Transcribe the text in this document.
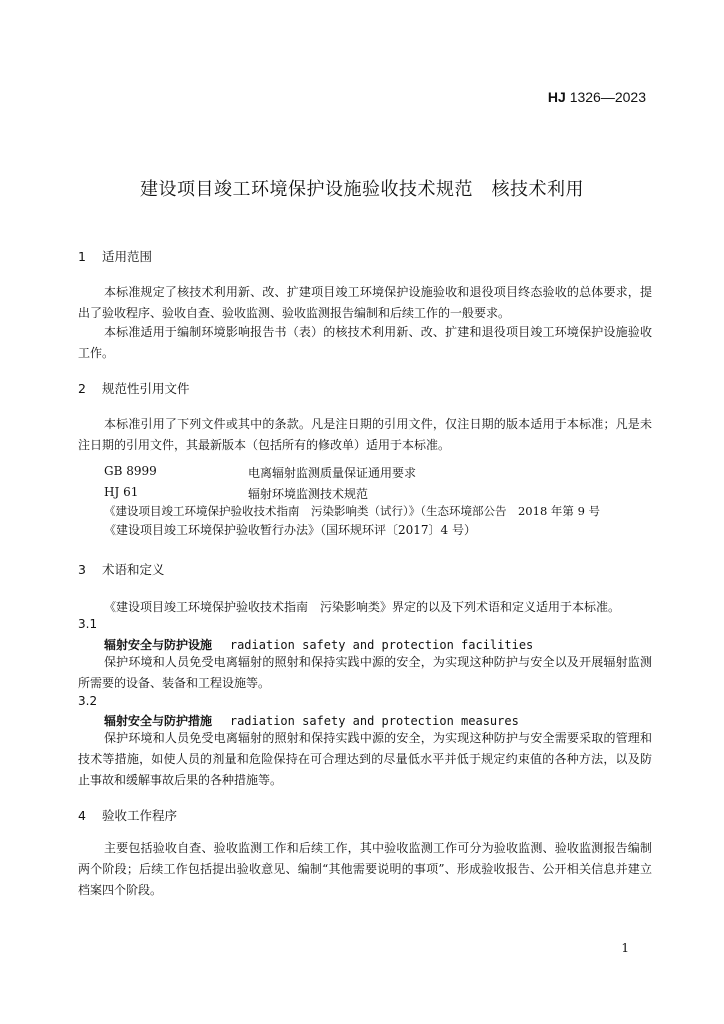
HJ 1326—2023
建设项目竣工环境保护设施验收技术规范　核技术利用
1 适用范围
本标准规定了核技术利用新、改、扩建项目竣工环境保护设施验收和退役项目终态验收的总体要求，提出了验收程序、验收自查、验收监测、验收监测报告编制和后续工作的一般要求。
本标准适用于编制环境影响报告书（表）的核技术利用新、改、扩建和退役项目竣工环境保护设施验收工作。
2 规范性引用文件
本标准引用了下列文件或其中的条款。凡是注日期的引用文件，仅注日期的版本适用于本标准；凡是未注日期的引用文件，其最新版本（包括所有的修改单）适用于本标准。
GB 8999	电离辐射监测质量保证通用要求
HJ 61	辐射环境监测技术规范
《建设项目竣工环境保护验收技术指南　污染影响类（试行）》（生态环境部公告　2018 年第 9 号
《建设项目竣工环境保护验收暂行办法》（国环规环评〔2017〕4 号）
3 术语和定义
《建设项目竣工环境保护验收技术指南　污染影响类》界定的以及下列术语和定义适用于本标准。
3.1
辐射安全与防护设施 radiation safety and protection facilities
保护环境和人员免受电离辐射的照射和保持实践中源的安全，为实现这种防护与安全以及开展辐射监测所需要的设备、装备和工程设施等。
3.2
辐射安全与防护措施 radiation safety and protection measures
保护环境和人员免受电离辐射的照射和保持实践中源的安全，为实现这种防护与安全需要采取的管理和技术等措施，如使人员的剂量和危险保持在可合理达到的尽量低水平并低于规定约束值的各种方法，以及防止事故和缓解事故后果的各种措施等。
4 验收工作程序
主要包括验收自查、验收监测工作和后续工作，其中验收监测工作可分为验收监测、验收监测报告编制两个阶段；后续工作包括提出验收意见、编制“其他需要说明的事项”、形成验收报告、公开相关信息并建立档案四个阶段。
1
